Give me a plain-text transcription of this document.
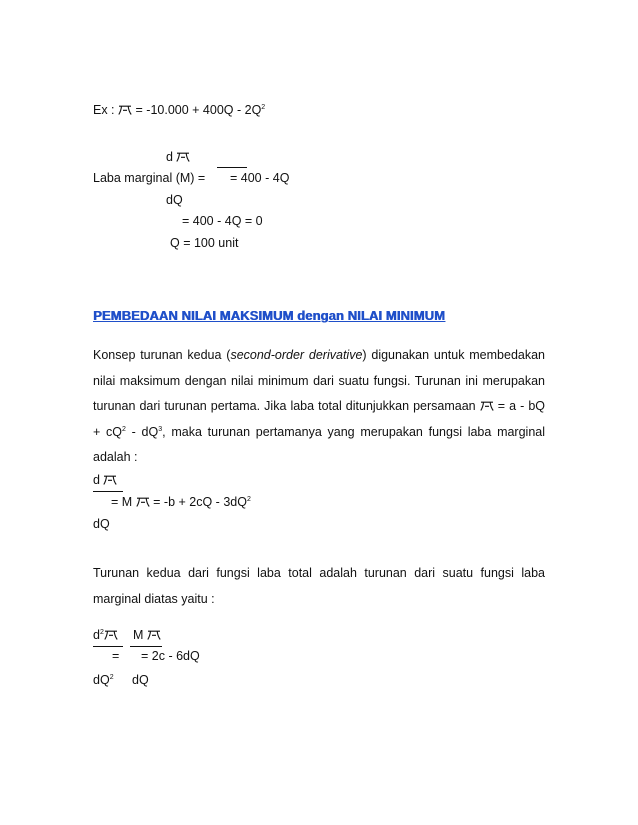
Ex : = $-10.000 + 400Q - 2Q^2$
d
Laba marginal (M) = = 400 - 4Q
dQ
= 400 - 4Q = 0
Q = 100 unit
PEMBEDAAN NILAI MAKSIMUM dengan NILAI MINIMUM
Konsep turunan kedua (second-order derivative) digunakan untuk membedakan
nilai maksimum dengan nilai minimum dari suatu fungsi. Turunan ini merupakan
turunan dari turunan pertama. Jika laba total ditunjukkan persamaan = a - bQ
+ $cQ^2 - dQ^3$, maka turunan pertamanya yang merupakan fungsi laba marginal
adalah :
d
= $M = -b + 2cQ - 3dQ^2$
dQ
Turunan kedua dari fungsi laba total adalah turunan dari suatu fungsi laba
marginal diatas yaitu :
$d^2$	M
= = 2c - 6dQ
$dQ^2$ dQ
